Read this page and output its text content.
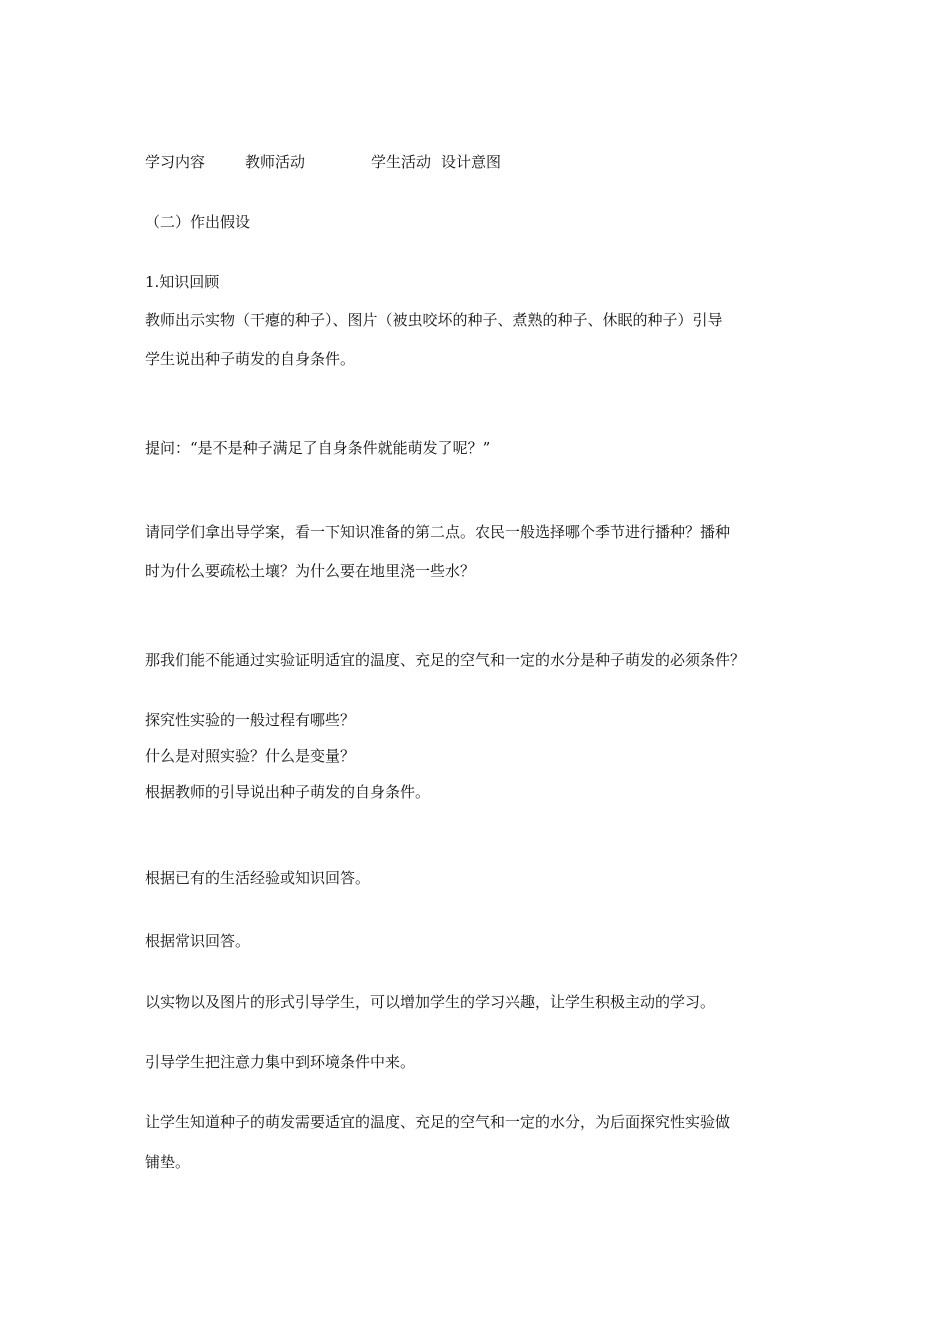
学习内容	教师活动	学生活动 设计意图
（二）作出假设
1.知识回顾
教师出示实物（干瘪的种子）、图片（被虫咬坏的种子、煮熟的种子、休眠的种子）引导
学生说出种子萌发的自身条件。
提问：“是不是种子满足了自身条件就能萌发了呢？”
请同学们拿出导学案，看一下知识准备的第二点。农民一般选择哪个季节进行播种？播种
时为什么要疏松土壤？为什么要在地里浇一些水？
那我们能不能通过实验证明适宜的温度、充足的空气和一定的水分是种子萌发的必须条件？
探究性实验的一般过程有哪些？
什么是对照实验？什么是变量？
根据教师的引导说出种子萌发的自身条件。
根据已有的生活经验或知识回答。
根据常识回答。
以实物以及图片的形式引导学生，可以增加学生的学习兴趣，让学生积极主动的学习。
引导学生把注意力集中到环境条件中来。
让学生知道种子的萌发需要适宜的温度、充足的空气和一定的水分，为后面探究性实验做
铺垫。
